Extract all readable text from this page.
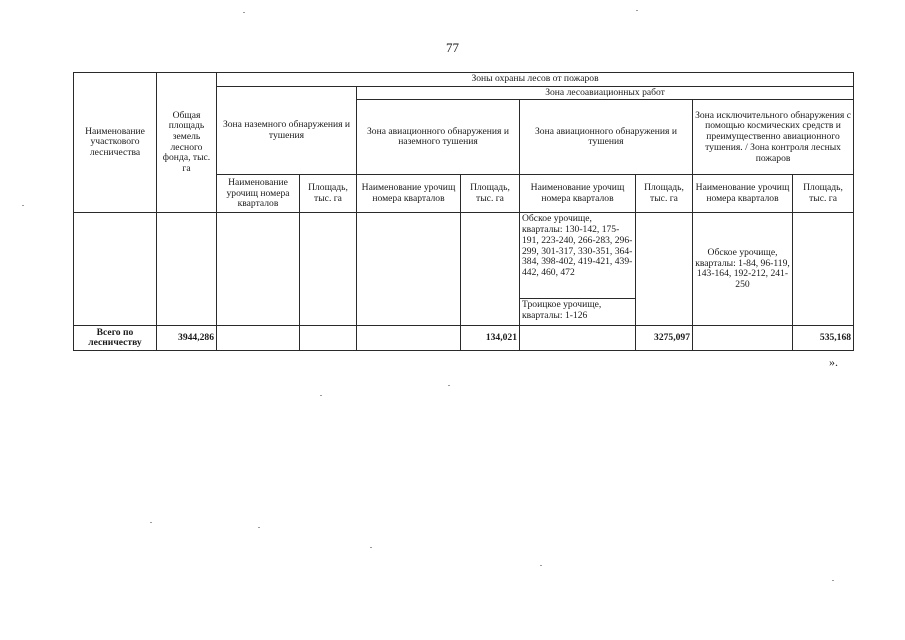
77
Наименование участкового лесничества	Общая площадь земель лесного фонда, тыс. га	Зоны охраны лесов от пожаров							
		Зона наземного обнаружения и тушения		Зона лесоавиационных работ					
				Зона авиационного обнаружения и наземного тушения		Зона авиационного обнаружения и тушения		Зона исключительного обнаружения с помощью космических средств и преимущественно авиационного тушения. / Зона контроля лесных пожаров	
		Наименование урочищ номера кварталов	Площадь, тыс. га	Наименование урочищ номера кварталов	Площадь, тыс. га	Наименование урочищ номера кварталов	Площадь, тыс. га	Наименование урочищ номера кварталов	Площадь, тыс. га
						Обское урочище, кварталы: 130-142, 175-191, 223-240, 266-283, 296-299, 301-317, 330-351, 364-384, 398-402, 419-421, 439-442, 460, 472		Обское урочище, кварталы: 1-84, 96-119, 143-164, 192-212, 241-250	
						Троицкое урочище, кварталы: 1-126			
Всего по лесничеству	3944,286				134,021		3275,097		535,168
».
